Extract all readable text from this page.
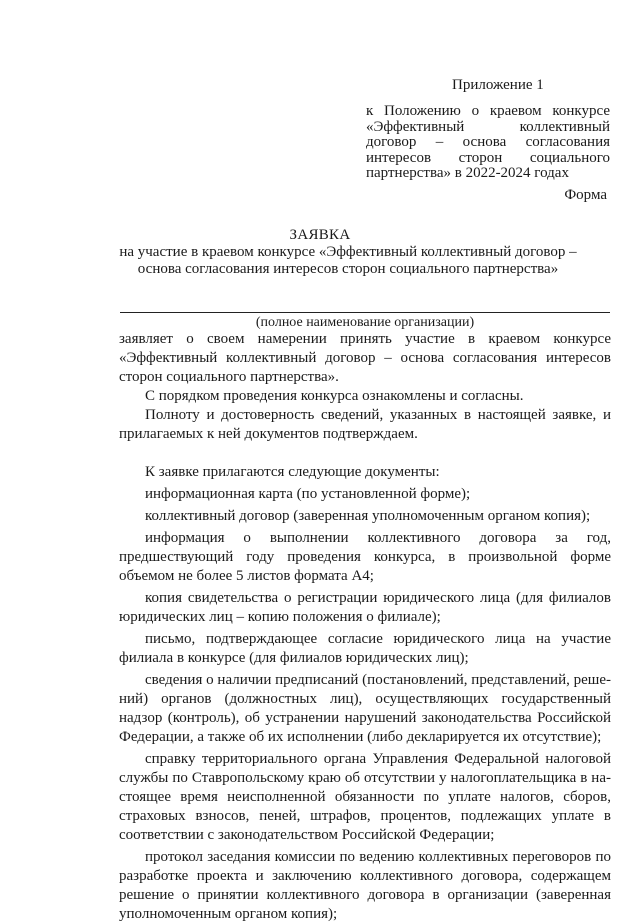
Приложение 1
к Положению о краевом конкурсе «Эффективный коллективный договор – основа согласования интересов сторон социального партнерства» в 2022-2024 годах
Форма
ЗАЯВКА
на участие в краевом конкурсе «Эффективный коллективный договор – основа согласования интересов сторон социального партнерства»
(полное наименование организации)

заявляет о своем намерении принять участие в краевом конкурсе «Эффективный коллективный договор – основа согласования интересов сторон социального партнерства».

С порядком проведения конкурса ознакомлены и согласны.

Полноту и достоверность сведений, указанных в настоящей заявке, и прилагаемых к ней документов подтверждаем.

К заявке прилагаются следующие документы:

информационная карта (по установленной форме);

коллективный договор (заверенная уполномоченным органом копия);

информация о выполнении коллективного договора за год, предшествующий году проведения конкурса, в произвольной форме объемом не более 5 листов формата А4;

копия свидетельства о регистрации юридического лица (для филиалов юридических лиц – копию положения о филиале);

письмо, подтверждающее согласие юридического лица на участие филиала в конкурсе (для филиалов юридических лиц);

сведения о наличии предписаний (постановлений, представлений, решений) органов (должностных лиц), осуществляющих государственный надзор (контроль), об устранении нарушений законодательства Российской Федерации, а также об их исполнении (либо декларируется их отсутствие);

справку территориального органа Управления Федеральной налоговой службы по Ставропольскому краю об отсутствии у налогоплательщика в настоящее время неисполненной обязанности по уплате налогов, сборов, страховых взносов, пеней, штрафов, процентов, подлежащих уплате в соответствии с законодательством Российской Федерации;

протокол заседания комиссии по ведению коллективных переговоров по разработке проекта и заключению коллективного договора, содержащем решение о принятии коллективного договора в организации (заверенная уполномоченным органом копия);
